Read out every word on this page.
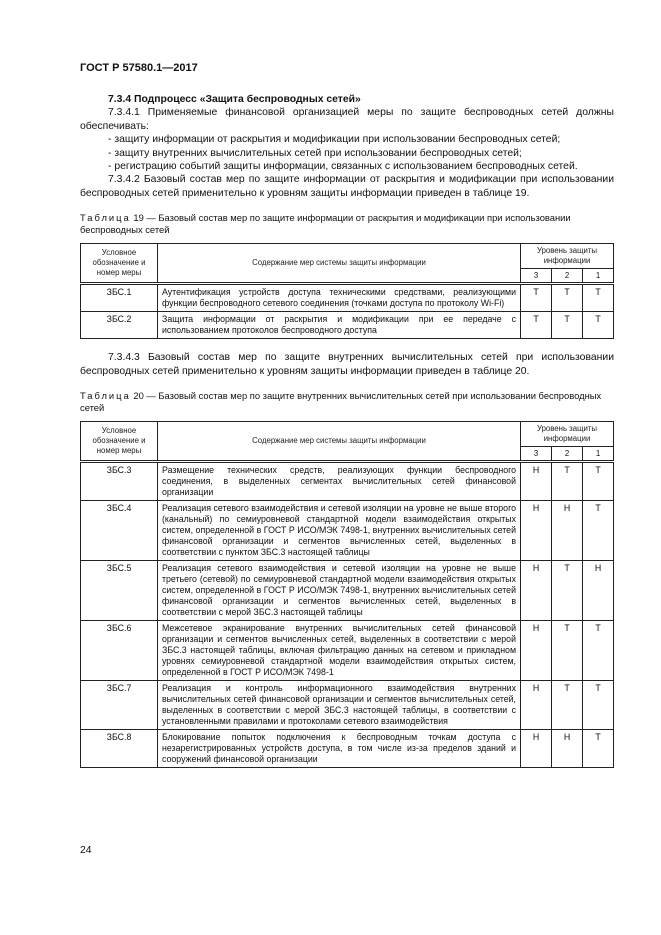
ГОСТ Р 57580.1—2017

7.3.4 Подпроцесс «Защита беспроводных сетей»

7.3.4.1 Применяемые финансовой организацией меры по защите беспроводных сетей должны обеспечивать:

- защиту информации от раскрытия и модификации при использовании беспроводных сетей;

- защиту внутренних вычислительных сетей при использовании беспроводных сетей;

- регистрацию событий защиты информации, связанных с использованием беспроводных сетей.

7.3.4.2 Базовый состав мер по защите информации от раскрытия и модификации при использовании беспроводных сетей применительно к уровням защиты информации приведен в таблице 19.

Таблица 19 — Базовый состав мер по защите информации от раскрытия и модификации при использовании беспроводных сетей

Условное обозначение и номер меры	Содержание мер системы защиты информации	Уровень защиты информации		
		3	2	1
ЗБС.1	Аутентификация устройств доступа техническими средствами, реализующими функции беспроводного сетевого соединения (точками доступа по протоколу Wi-Fi)	Т	Т	Т
ЗБС.2	Защита информации от раскрытия и модификации при ее передаче с использованием протоколов беспроводного доступа	Т	Т	Т

7.3.4.3 Базовый состав мер по защите внутренних вычислительных сетей при использовании беспроводных сетей применительно к уровням защиты информации приведен в таблице 20.

Таблица 20 — Базовый состав мер по защите внутренних вычислительных сетей при использовании беспроводных сетей

Условное обозначение и номер меры	Содержание мер системы защиты информации	Уровень защиты информации		
		3	2	1
ЗБС.3	Размещение технических средств, реализующих функции беспроводного соединения, в выделенных сегментах вычислительных сетей финансовой организации	Н	Т	Т
ЗБС.4	Реализация сетевого взаимодействия и сетевой изоляции на уровне не выше второго (канальный) по семиуровневой стандартной модели взаимодействия открытых систем, определенной в ГОСТ Р ИСО/МЭК 7498-1, внутренних вычислительных сетей финансовой организации и сегментов вычисленных сетей, выделенных в соответствии с пунктом ЗБС.3 настоящей таблицы	Н	Н	Т
ЗБС.5	Реализация сетевого взаимодействия и сетевой изоляции на уровне не выше третьего (сетевой) по семиуровневой стандартной модели взаимодействия открытых систем, определенной в ГОСТ Р ИСО/МЭК 7498-1, внутренних вычислительных сетей финансовой организации и сегментов вычисленных сетей, выделенных в соответствии с мерой ЗБС.3 настоящей таблицы	Н	Т	Н
ЗБС.6	Межсетевое экранирование внутренних вычислительных сетей финансовой организации и сегментов вычисленных сетей, выделенных в соответствии с мерой ЗБС.3 настоящей таблицы, включая фильтрацию данных на сетевом и прикладном уровнях семиуровневой стандартной модели взаимодействия открытых систем, определенной в ГОСТ Р ИСО/МЭК 7498-1	Н	Т	Т
ЗБС.7	Реализация и контроль информационного взаимодействия внутренних вычислительных сетей финансовой организации и сегментов вычислительных сетей, выделенных в соответствии с мерой ЗБС.3 настоящей таблицы, в соответствии с установленными правилами и протоколами сетевого взаимодействия	Н	Т	Т
ЗБС.8	Блокирование попыток подключения к беспроводным точкам доступа с незарегистрированных устройств доступа, в том числе из-за пределов зданий и сооружений финансовой организации	Н	Н	Т
24
